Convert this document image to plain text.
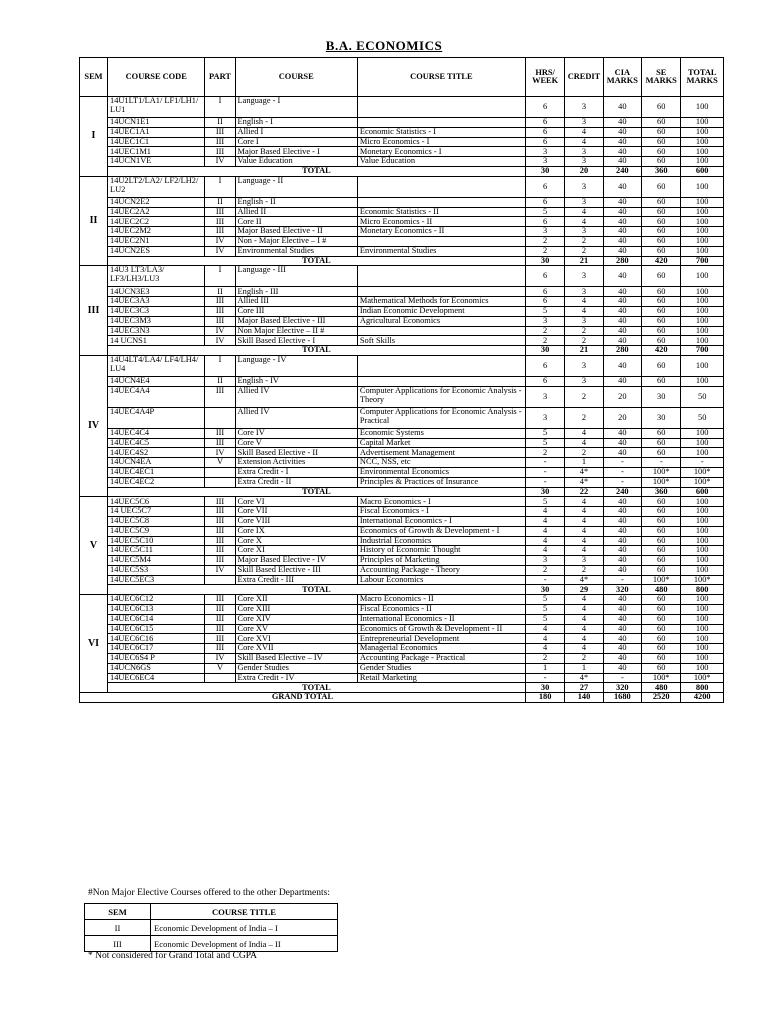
B.A. ECONOMICS
SEM	COURSE CODE	PART	COURSE	COURSE TITLE	HRS/ WEEK	CREDIT	CIA MARKS	SE MARKS	TOTAL MARKS
I	14U1LT1/LA1/ LF1/LH1/ LU1	I	Language - I		6	3	40	60	100
	14UCN1E1	II	English - I		6	3	40	60	100
	14UEC1A1	III	Allied I	Economic Statistics - I	6	4	40	60	100
	14UEC1C1	III	Core I	Micro Economics - I	6	4	40	60	100
	14UEC1M1	III	Major Based Elective - I	Monetary Economics - I	3	3	40	60	100
	14UCN1VE	IV	Value Education	Value Education	3	3	40	60	100
	TOTAL				30	20	240	360	600
II	14U2LT2/LA2/ LF2/LH2/ LU2	I	Language - II		6	3	40	60	100
	14UCN2E2	II	English - II		6	3	40	60	100
	14UEC2A2	III	Allied II	Economic Statistics - II	5	4	40	60	100
	14UEC2C2	III	Core II	Micro Economics - II	6	4	40	60	100
	14UEC2M2	III	Major Based Elective - II	Monetary Economics - II	3	3	40	60	100
	14UEC2N1	IV	Non - Major Elective – I #		2	2	40	60	100
	14UCN2ES	IV	Environmental Studies	Environmental Studies	2	2	40	60	100
	TOTAL				30	21	280	420	700
III	14U3 LT3/LA3/ LF3/LH3/LU3	I	Language - III		6	3	40	60	100
	14UCN3E3	II	English - III		6	3	40	60	100
	14UEC3A3	III	Allied III	Mathematical Methods for Economics	6	4	40	60	100
	14UEC3C3	III	Core III	Indian Economic Development	5	4	40	60	100
	14UEC3M3	III	Major Based Elective - III	Agricultural Economics	3	3	40	60	100
	14UEC3N3	IV	Non Major Elective – II #		2	2	40	60	100
	14 UCNS1	IV	Skill Based Elective - I	Soft Skills	2	2	40	60	100
	TOTAL				30	21	280	420	700
IV	14U4LT4/LA4/ LF4/LH4/ LU4	I	Language - IV		6	3	40	60	100
	14UCN4E4	II	English - IV		6	3	40	60	100
	14UEC4A4	III	Allied IV	Computer Applications for Economic Analysis - Theory	3	2	20	30	50
	14UEC4A4P		Allied IV	Computer Applications for Economic Analysis - Practical	3	2	20	30	50
	14UEC4C4	III	Core IV	Economic Systems	5	4	40	60	100
	14UEC4C5	III	Core V	Capital Market	5	4	40	60	100
	14UEC4S2	IV	Skill Based Elective - II	Advertisement Management	2	2	40	60	100
	14UCN4EA	V	Extension Activities	NCC, NSS, etc	-	1	-	-	-
	14UEC4EC1		Extra Credit - I	Environmental Economics	-	4*	-	100*	100*
	14UEC4EC2		Extra Credit - II	Principles & Practices of Insurance	-	4*	-	100*	100*
	TOTAL				30	22	240	360	600
V	14UEC5C6	III	Core VI	Macro Economics - I	5	4	40	60	100
	14 UEC5C7	III	Core VII	Fiscal Economics - I	4	4	40	60	100
	14UEC5C8	III	Core VIII	International Economics - I	4	4	40	60	100
	14UEC5C9	III	Core IX	Economics of Growth & Development - I	4	4	40	60	100
	14UEC5C10	III	Core X	Industrial Economics	4	4	40	60	100
	14UEC5C11	III	Core XI	History of Economic Thought	4	4	40	60	100
	14UEC5M4	III	Major Based Elective - IV	Principles of Marketing	3	3	40	60	100
	14UEC5S3	IV	Skill Based Elective - III	Accounting Package - Theory	2	2	40	60	100
	14UEC5EC3		Extra Credit - III	Labour Economics	-	4*	-	100*	100*
	TOTAL				30	29	320	480	800
VI	14UEC6C12	III	Core XII	Macro Economics - II	5	4	40	60	100
	14UEC6C13	III	Core XIII	Fiscal Economics - II	5	4	40	60	100
	14UEC6C14	III	Core XIV	International Economics - II	5	4	40	60	100
	14UEC6C15	III	Core XV	Economics of Growth & Development - II	4	4	40	60	100
	14UEC6C16	III	Core XVI	Entrepreneurial Development	4	4	40	60	100
	14UEC6C17	III	Core XVII	Managerial Economics	4	4	40	60	100
	14UEC6S4 P	IV	Skill Based Elective – IV	Accounting Package - Practical	2	2	40	60	100
	14UCN6GS	V	Gender Studies	Gender Studies	1	1	40	60	100
	14UEC6EC4		Extra Credit - IV	Retail Marketing	-	4*	-	100*	100*
	TOTAL				30	27	320	480	800
GRAND TOTAL					180	140	1680	2520	4200
#Non Major Elective Courses offered to the other Departments:
SEM	COURSE TITLE
II	Economic Development of India – I
III	Economic Development of India – II
* Not considered for Grand Total and CGPA
